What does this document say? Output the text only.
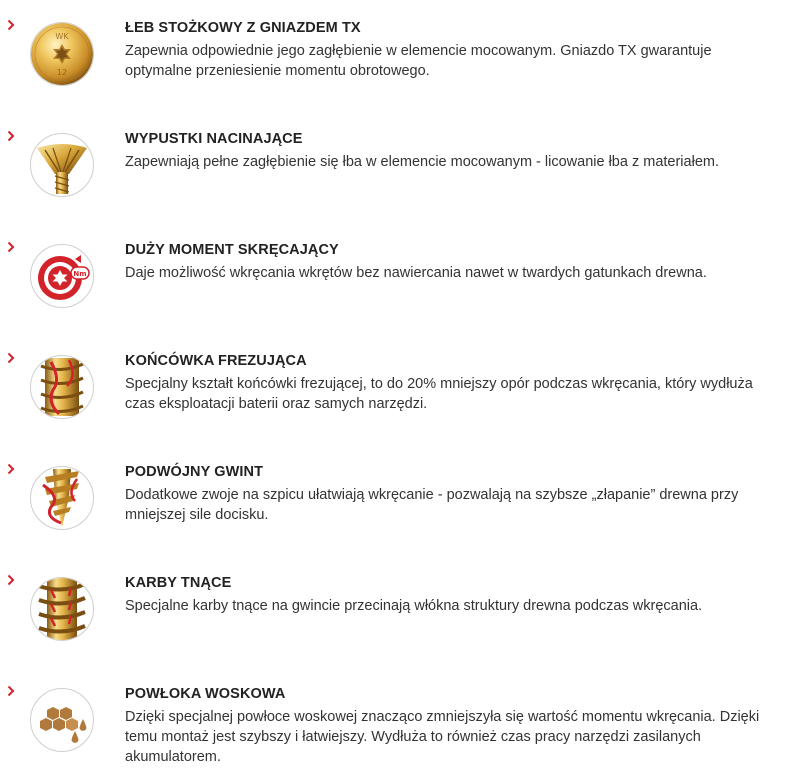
WK
12
ŁEB STOŻKOWY Z GNIAZDEM TX

Zapewnia odpowiednie jego zagłębienie w elemencie mocowanym. Gniazdo TX gwarantuje optymalne przeniesienie momentu obrotowego.

WYPUSTKI NACINAJĄCE

Zapewniają pełne zagłębienie się łba w elemencie mocowanym - licowanie łba z materiałem.

Nm
DUŻY MOMENT SKRĘCAJĄCY

Daje możliwość wkręcania wkrętów bez nawiercania nawet w twardych gatunkach drewna.

KOŃCÓWKA FREZUJĄCA

Specjalny kształt końcówki frezującej, to do 20% mniejszy opór podczas wkręcania, który wydłuża czas eksploatacji baterii oraz samych narzędzi.

PODWÓJNY GWINT

Dodatkowe zwoje na szpicu ułatwiają wkręcanie - pozwalają na szybsze „złapanie” drewna przy mniejszej sile docisku.

KARBY TNĄCE

Specjalne karby tnące na gwincie przecinają włókna struktury drewna podczas wkręcania.

POWŁOKA WOSKOWA

Dzięki specjalnej powłoce woskowej znacząco zmniejszyła się wartość momentu wkręcania. Dzięki temu montaż jest szybszy i łatwiejszy. Wydłuża to również czas pracy narzędzi zasilanych akumulatorem.
